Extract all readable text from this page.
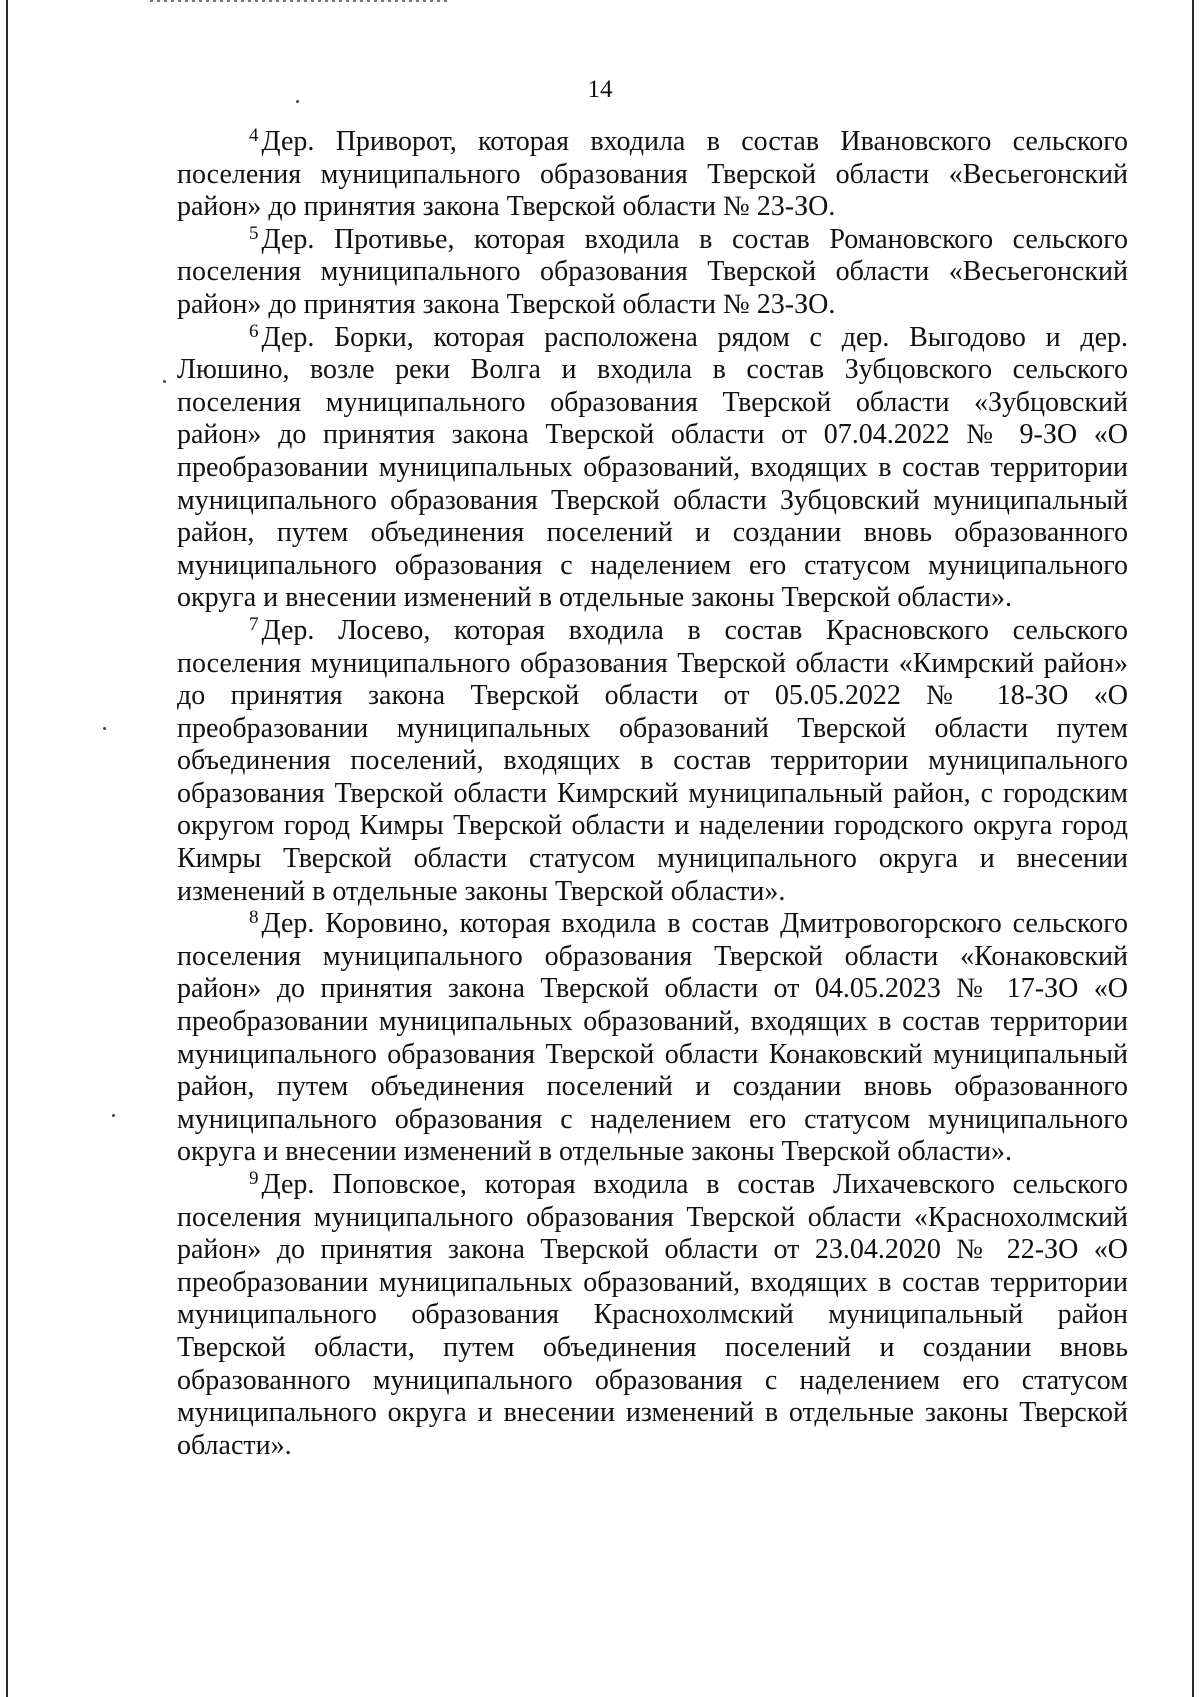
14

$^4$ Дер. Приворот, которая входила в состав Ивановского сельского поселения муниципального образования Тверской области «Весьегонский район» до принятия закона Тверской области № 23-ЗО.

$^5$ Дер. Противье, которая входила в состав Романовского сельского поселения муниципального образования Тверской области «Весьегонский район» до принятия закона Тверской области № 23-ЗО.

$^6$ Дер. Борки, которая расположена рядом с дер. Выгодово и дер. Люшино, возле реки Волга и входила в состав Зубцовского сельского поселения муниципального образования Тверской области «Зубцовский район» до принятия закона Тверской области от 07.04.2022 № 9-ЗО «О преобразовании муниципальных образований, входящих в состав территории муниципального образования Тверской области Зубцовский муниципальный район, путем объединения поселений и создании вновь образованного муниципального образования с наделением его статусом муниципального округа и внесении изменений в отдельные законы Тверской области».

$^7$ Дер. Лосево, которая входила в состав Красновского сельского поселения муниципального образования Тверской области «Кимрский район» до принятия закона Тверской области от 05.05.2022 № 18-ЗО «О преобразовании муниципальных образований Тверской области путем объединения поселений, входящих в состав территории муниципального образования Тверской области Кимрский муниципальный район, с городским округом город Кимры Тверской области и наделении городского округа город Кимры Тверской области статусом муниципального округа и внесении изменений в отдельные законы Тверской области».

$^8$ Дер. Коровино, которая входила в состав Дмитровогорского сельского поселения муниципального образования Тверской области «Конаковский район» до принятия закона Тверской области от 04.05.2023 № 17-ЗО «О преобразовании муниципальных образований, входящих в состав территории муниципального образования Тверской области Конаковский муниципальный район, путем объединения поселений и создании вновь образованного муниципального образования с наделением его статусом муниципального округа и внесении изменений в отдельные законы Тверской области».

$^9$ Дер. Поповское, которая входила в состав Лихачевского сельского поселения муниципального образования Тверской области «Краснохолмский район» до принятия закона Тверской области от 23.04.2020 № 22-ЗО «О преобразовании муниципальных образований, входящих в состав территории муниципального образования Краснохолмский муниципальный район Тверской области, путем объединения поселений и создании вновь образованного муниципального образования с наделением его статусом муниципального округа и внесении изменений в отдельные законы Тверской области».
